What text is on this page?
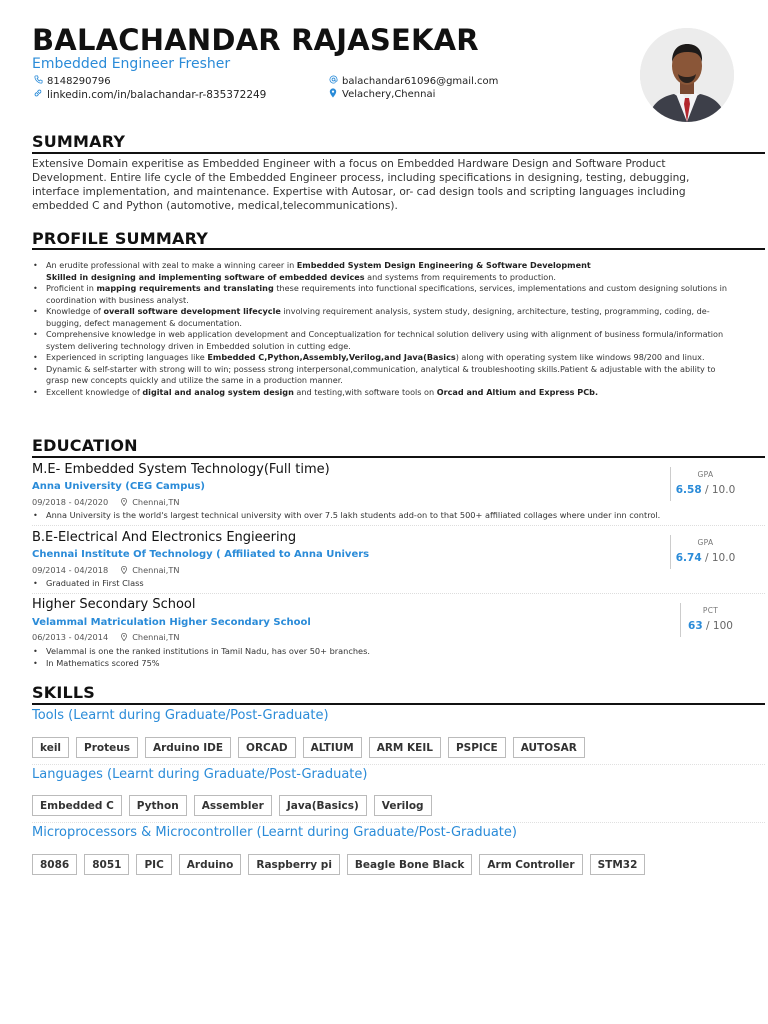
BALACHANDAR RAJASEKAR
Embedded Engineer Fresher
8148290796
linkedin.com/in/balachandar-r-835372249
balachandar61096@gmail.com
Velachery,Chennai
SUMMARY
Extensive Domain experitise as Embedded Engineer with a focus on Embedded Hardware Design and Software Product Development. Entire life cycle of the Embedded Engineer process, including specifications in designing, testing, debugging, interface implementation, and maintenance. Expertise with Autosar, or- cad design tools and scripting languages including embedded C and Python (automotive, medical,telecommunications).
PROFILE SUMMARY
• An erudite professional with zeal to make a winning career in Embedded System Design Engineering & Software Development
Skilled in designing and implementing software of embedded devices and systems from requirements to production.
• Proficient in mapping requirements and translating these requirements into functional specifications, services, implementations and custom designing solutions in coordination with business analyst.
• Knowledge of overall software development lifecycle involving requirement analysis, system study, designing, architecture, testing, programming, coding, de-bugging, defect management & documentation.
• Comprehensive knowledge in web application development and Conceptualization for technical solution delivery using with alignment of business formula/information system delivering technology driven in Embedded solution in cutting edge.
• Experienced in scripting languages like Embedded C,Python,Assembly,Verilog,and Java(Basics) along with operating system like windows 98/200 and linux.
• Dynamic & self-starter with strong will to win; possess strong interpersonal,communication, analytical & troubleshooting skills.Patient & adjustable with the ability to grasp new concepts quickly and utilize the same in a production manner.
• Excellent knowledge of digital and analog system design and testing,with software tools on Orcad and Altium and Express PCb.
EDUCATION
M.E- Embedded System Technology(Full time)
Anna University (CEG Campus)
09/2018 - 04/2020	Chennai,TN
• Anna University is the world's largest technical university with over 7.5 lakh students add-on to that 500+ affiliated collages where under inn control.
GPA
6.58 / 10.0
B.E-Electrical And Electronics Engieering
Chennai Institute Of Technology ( Affiliated to Anna Univers
09/2014 - 04/2018	Chennai,TN
• Graduated in First Class
GPA
6.74 / 10.0
Higher Secondary School
Velammal Matriculation Higher Secondary School
06/2013 - 04/2014	Chennai,TN
• Velammal is one the ranked institutions in Tamil Nadu, has over 50+ branches.
• In Mathematics scored 75%
PCT
63 / 100
SKILLS
Tools (Learnt during Graduate/Post-Graduate)
keil	Proteus	Arduino IDE	ORCAD	ALTIUM	ARM KEIL	PSPICE	AUTOSAR
Languages (Learnt during Graduate/Post-Graduate)
Embedded C	Python	Assembler	Java(Basics)	Verilog
Microprocessors & Microcontroller (Learnt during Graduate/Post-Graduate)
8086	8051	PIC	Arduino	Raspberry pi	Beagle Bone Black	Arm Controller	STM32
